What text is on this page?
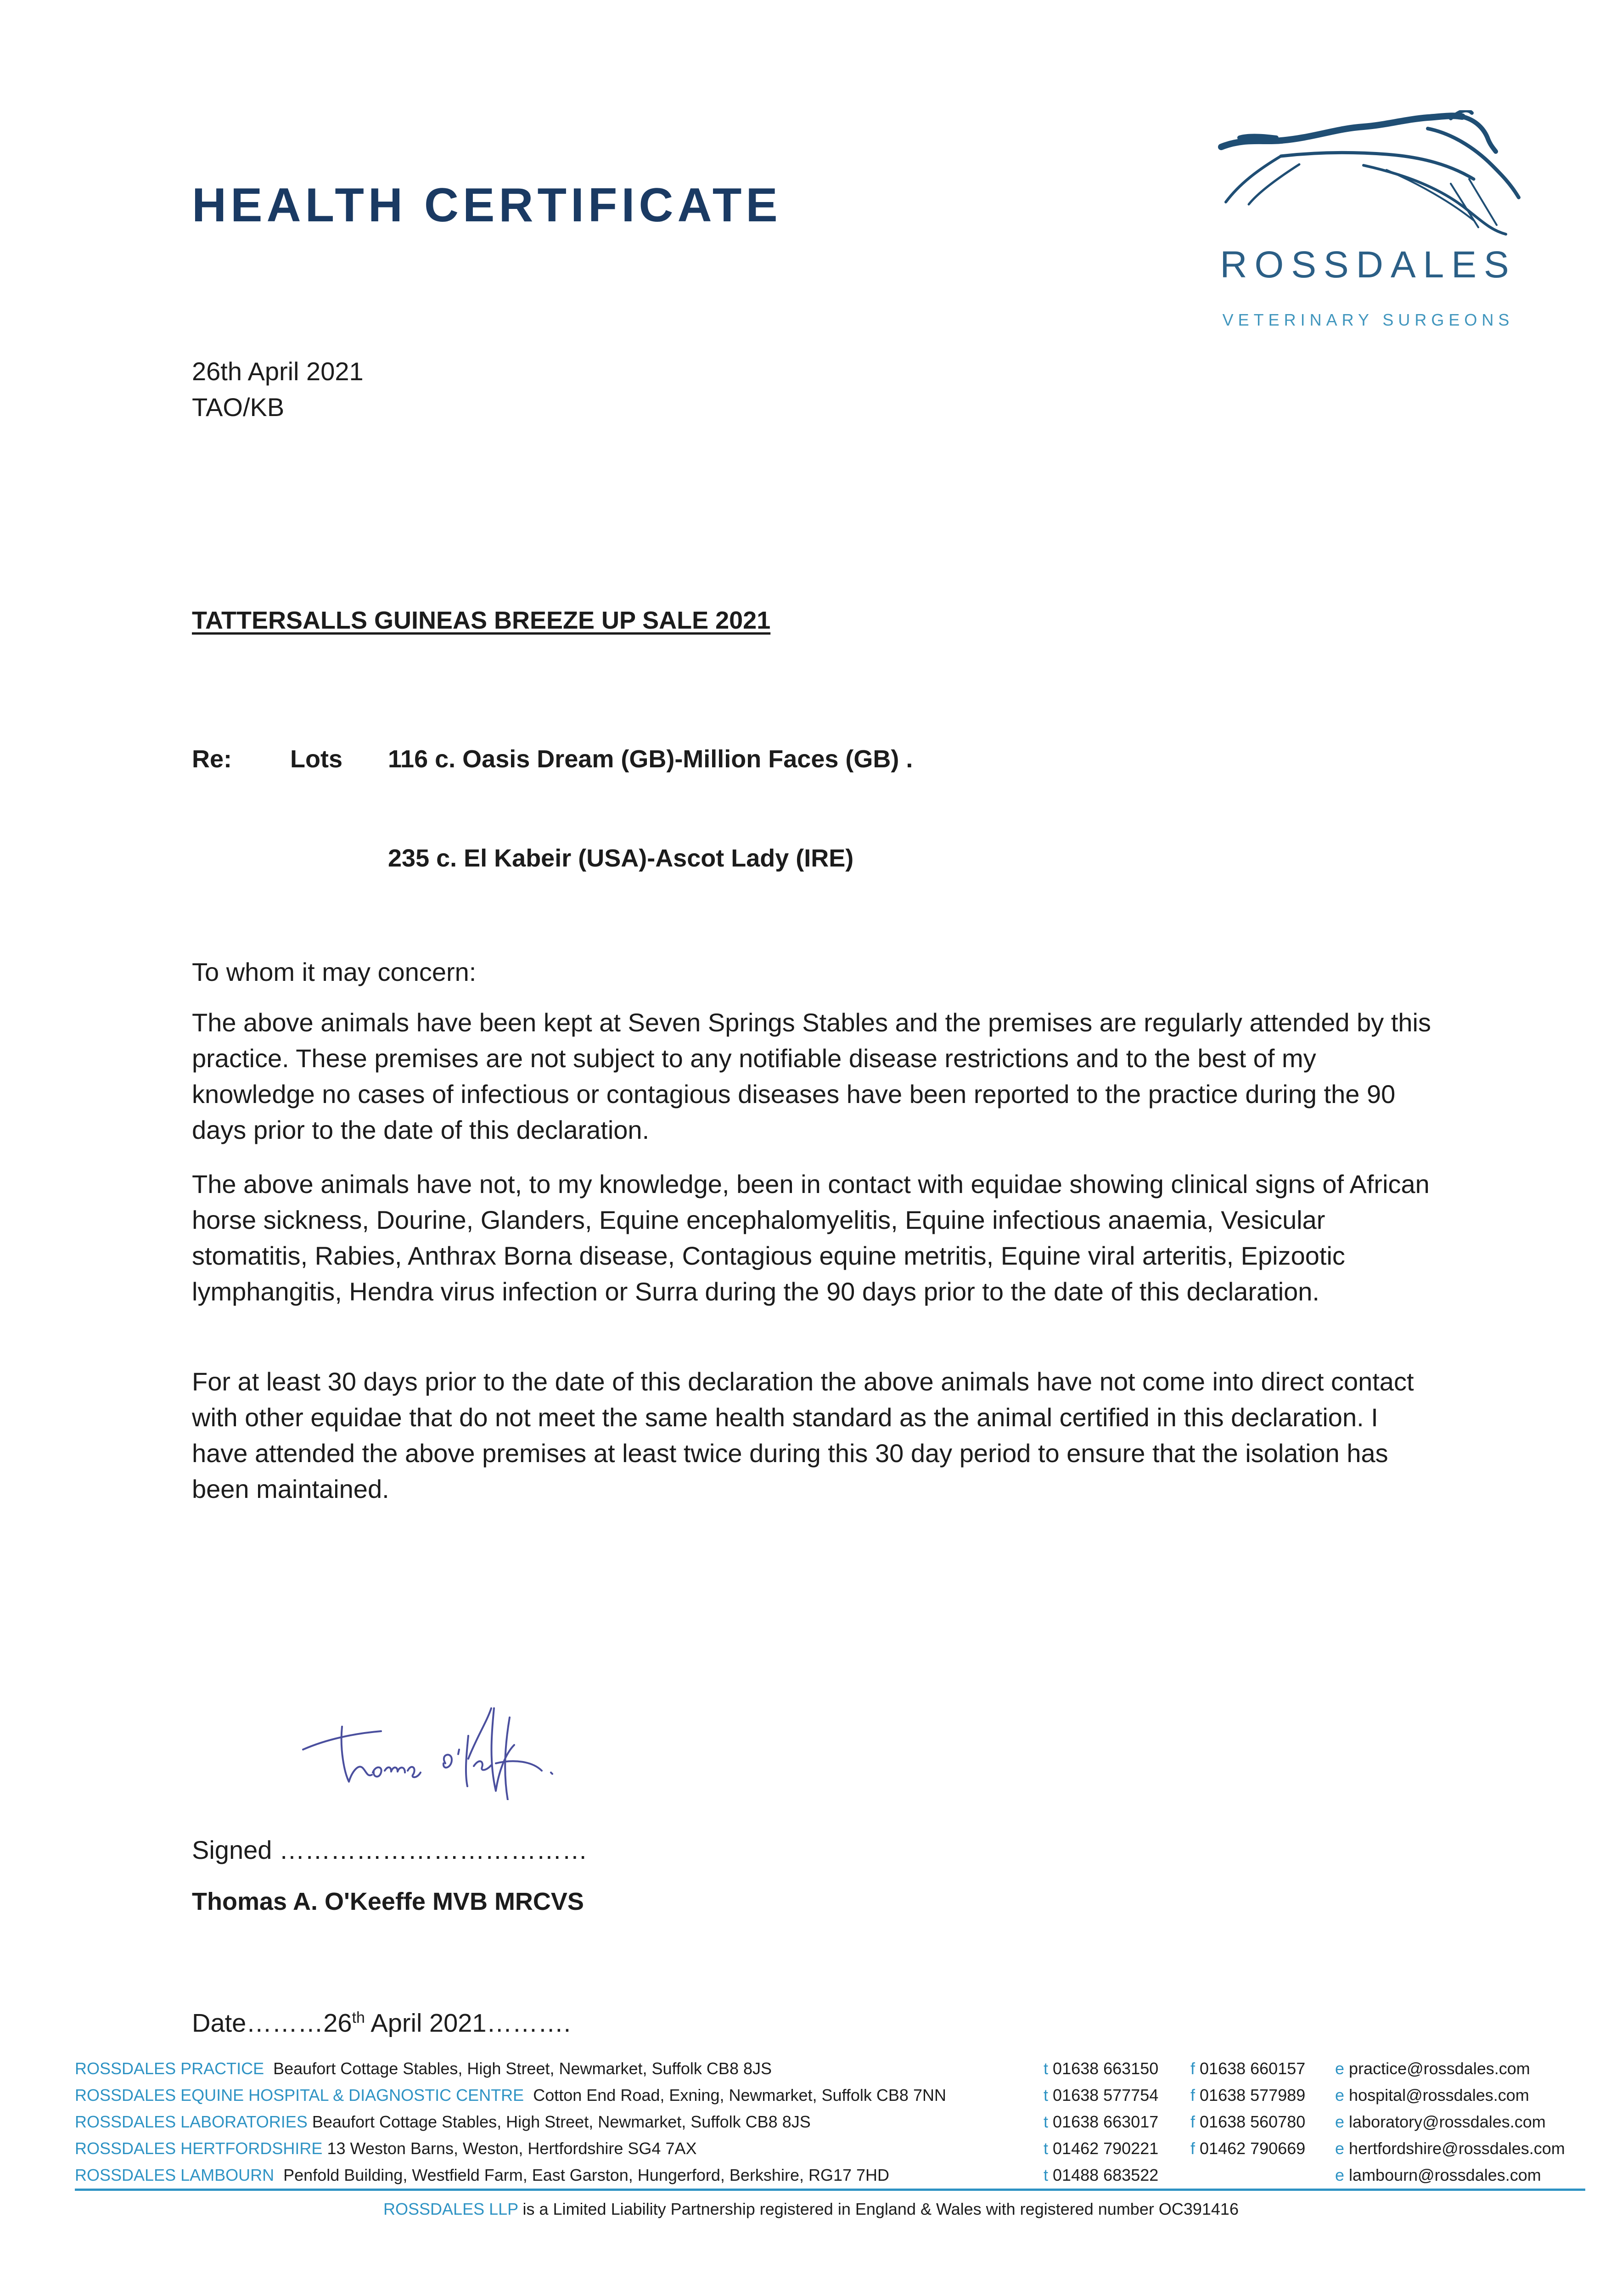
HEALTH CERTIFICATE
ROSSDALES
VETERINARY SURGEONS
26th April 2021
TAO/KB
TATTERSALLS GUINEAS BREEZE UP SALE 2021
Re: Lots 116 c. Oasis Dream (GB)-Million Faces (GB) .
235 c. El Kabeir (USA)-Ascot Lady (IRE)
To whom it may concern:

The above animals have been kept at Seven Springs Stables and the premises are regularly attended by this practice. These premises are not subject to any notifiable disease restrictions and to the best of my knowledge no cases of infectious or contagious diseases have been reported to the practice during the 90 days prior to the date of this declaration.

The above animals have not, to my knowledge, been in contact with equidae showing clinical signs of African horse sickness, Dourine, Glanders, Equine encephalomyelitis, Equine infectious anaemia, Vesicular stomatitis, Rabies, Anthrax Borna disease, Contagious equine metritis, Equine viral arteritis, Epizootic lymphangitis, Hendra virus infection or Surra during the 90 days prior to the date of this declaration.

For at least 30 days prior to the date of this declaration the above animals have not come into direct contact with other equidae that do not meet the same health standard as the animal certified in this declaration. I have attended the above premises at least twice during this 30 day period to ensure that the isolation has been maintained.

Signed ………………………………
Thomas A. O'Keeffe MVB MRCVS
Date………26th April 2021……….
ROSSDALES PRACTICE Beaufort Cottage Stables, High Street, Newmarket, Suffolk CB8 8JS	t 01638 663150	f 01638 660157	e practice@rossdales.com
ROSSDALES EQUINE HOSPITAL & DIAGNOSTIC CENTRE Cotton End Road, Exning, Newmarket, Suffolk CB8 7NN	t 01638 577754	f 01638 577989	e hospital@rossdales.com
ROSSDALES LABORATORIES Beaufort Cottage Stables, High Street, Newmarket, Suffolk CB8 8JS	t 01638 663017	f 01638 560780	e laboratory@rossdales.com
ROSSDALES HERTFORDSHIRE 13 Weston Barns, Weston, Hertfordshire SG4 7AX	t 01462 790221	f 01462 790669	e hertfordshire@rossdales.com
ROSSDALES LAMBOURN Penfold Building, Westfield Farm, East Garston, Hungerford, Berkshire, RG17 7HD	t 01488 683522	e lambourn@rossdales.com
ROSSDALES LLP is a Limited Liability Partnership registered in England & Wales with registered number OC391416
